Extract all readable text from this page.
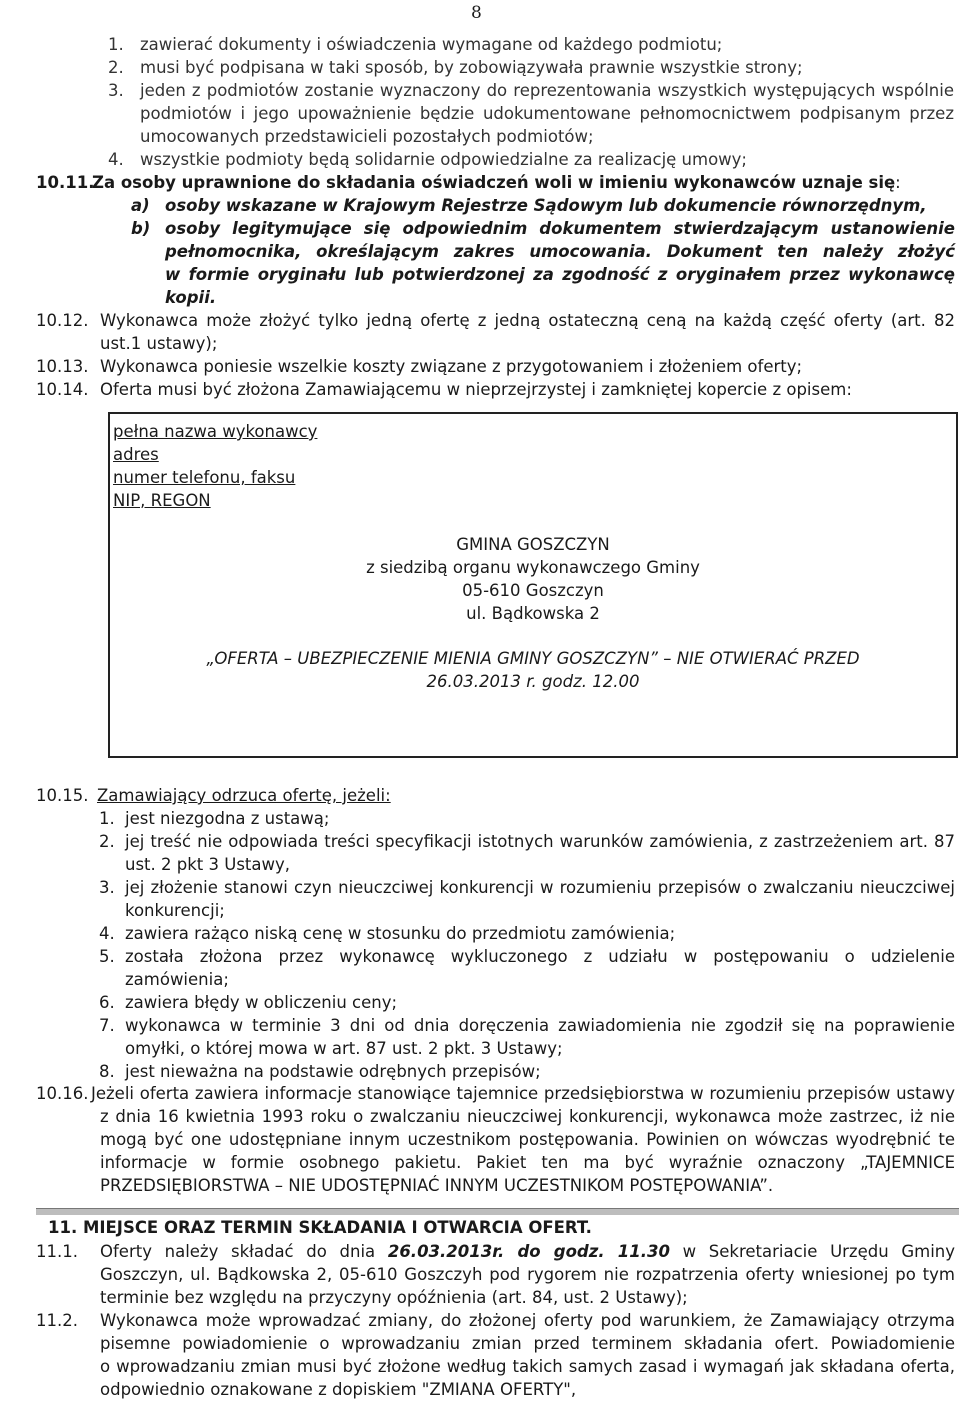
8
1. zawierać dokumenty i oświadczenia wymagane od każdego podmiotu;
2. musi być podpisana w taki sposób, by zobowiązywała prawnie wszystkie strony;
3. jeden z podmiotów zostanie wyznaczony do reprezentowania wszystkich występujących wspólnie
podmiotów i jego upoważnienie będzie udokumentowane pełnomocnictwem podpisanym przez
umocowanych przedstawicieli pozostałych podmiotów;
4. wszystkie podmioty będą solidarnie odpowiedzialne za realizację umowy;
10.11.
Za osoby uprawnione do składania oświadczeń woli w imieniu wykonawców uznaje się:
a) osoby wskazane w Krajowym Rejestrze Sądowym lub dokumencie równorzędnym,
b) osoby legitymujące się odpowiednim dokumentem stwierdzającym ustanowienie
pełnomocnika, określającym zakres umocowania. Dokument ten należy złożyć
w formie oryginału lub potwierdzonej za zgodność z oryginałem przez wykonawcę
kopii.
10.12. Wykonawca może złożyć tylko jedną ofertę z jedną ostateczną ceną na każdą część oferty (art. 82
ust.1 ustawy);
10.13. Wykonawca poniesie wszelkie koszty związane z przygotowaniem i złożeniem oferty;
10.14. Oferta musi być złożona Zamawiającemu w nieprzejrzystej i zamkniętej kopercie z opisem:
pełna nazwa wykonawcy
adres
numer telefonu, faksu
NIP, REGON
GMINA GOSZCZYN
z siedzibą organu wykonawczego Gminy
05-610 Goszczyn
ul. Bądkowska 2
„OFERTA – UBEZPIECZENIE MIENIA GMINY GOSZCZYN” – NIE OTWIERAĆ PRZED
26.03.2013 r. godz. 12.00
10.15. Zamawiający odrzuca ofertę, jeżeli:
1. jest niezgodna z ustawą;
2. jej treść nie odpowiada treści specyfikacji istotnych warunków zamówienia, z zastrzeżeniem art. 87
ust. 2 pkt 3 Ustawy,
3. jej złożenie stanowi czyn nieuczciwej konkurencji w rozumieniu przepisów o zwalczaniu nieuczciwej
konkurencji;
4. zawiera rażąco niską cenę w stosunku do przedmiotu zamówienia;
5. została złożona przez wykonawcę wykluczonego z udziału w postępowaniu o udzielenie
zamówienia;
6. zawiera błędy w obliczeniu ceny;
7. wykonawca w terminie 3 dni od dnia doręczenia zawiadomienia nie zgodził się na poprawienie
omyłki, o której mowa w art. 87 ust. 2 pkt. 3 Ustawy;
8. jest nieważna na podstawie odrębnych przepisów;
10.16. Jeżeli oferta zawiera informacje stanowiące tajemnice przedsiębiorstwa w rozumieniu przepisów ustawy
z dnia 16 kwietnia 1993 roku o zwalczaniu nieuczciwej konkurencji, wykonawca może zastrzec, iż nie
mogą być one udostępniane innym uczestnikom postępowania. Powinien on wówczas wyodrębnić te
informacje w formie osobnego pakietu. Pakiet ten ma być wyraźnie oznaczony „TAJEMNICE
PRZEDSIĘBIORSTWA – NIE UDOSTĘPNIAĆ INNYM UCZESTNIKOM POSTĘPOWANIA”.
11. MIEJSCE ORAZ TERMIN SKŁADANIA I OTWARCIA OFERT.
11.1. Oferty należy składać do dnia 26.03.2013r. do godz. 11.30 w Sekretariacie Urzędu Gminy
Goszczyn, ul. Bądkowska 2, 05-610 Goszczyh pod rygorem nie rozpatrzenia oferty wniesionej po tym
terminie bez względu na przyczyny opóźnienia (art. 84, ust. 2 Ustawy);
11.2. Wykonawca może wprowadzać zmiany, do złożonej oferty pod warunkiem, że Zamawiający otrzyma
pisemne powiadomienie o wprowadzaniu zmian przed terminem składania ofert. Powiadomienie
o wprowadzaniu zmian musi być złożone według takich samych zasad i wymagań jak składana oferta,
odpowiednio oznakowane z dopiskiem "ZMIANA OFERTY",
